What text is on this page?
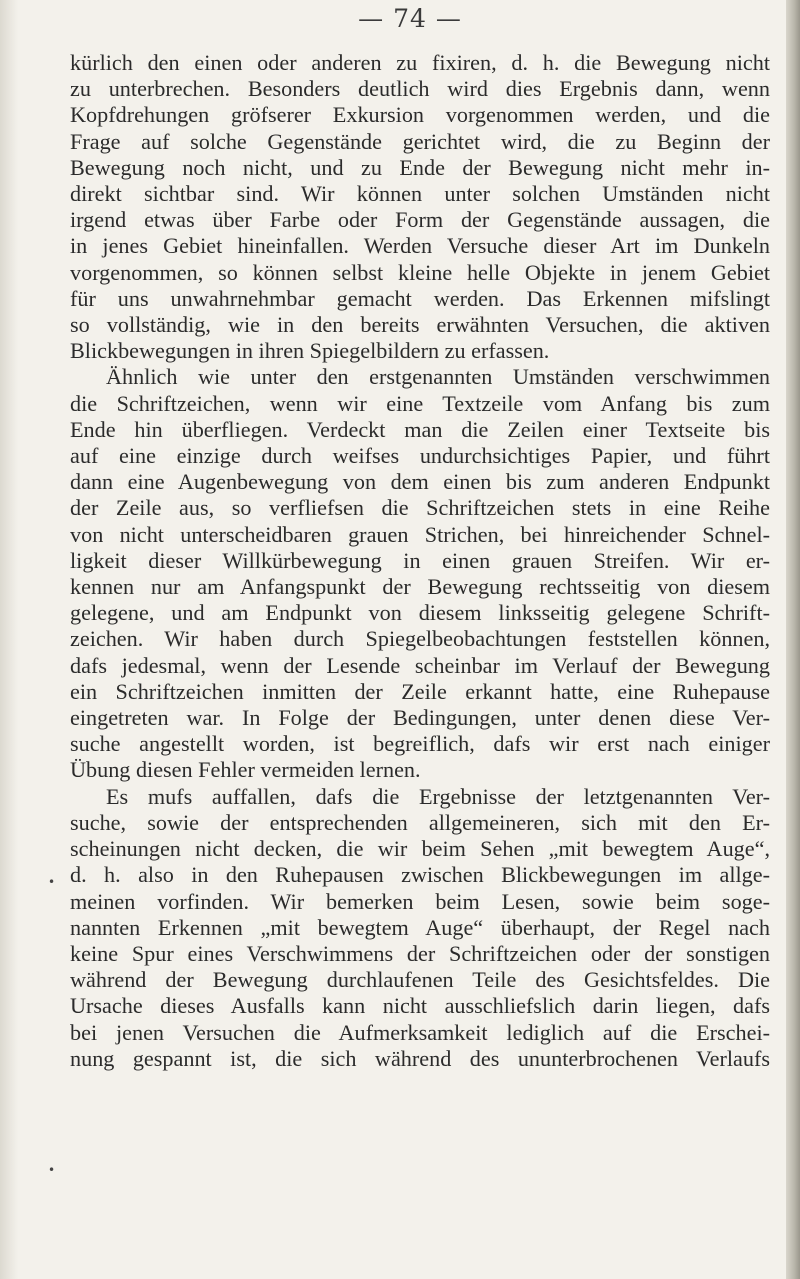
— 74 —
kürlich den einen oder anderen zu fixiren, d. h. die Bewegung nicht
zu unterbrechen. Besonders deutlich wird dies Ergebnis dann, wenn
Kopfdrehungen gröfserer Exkursion vorgenommen werden, und die
Frage auf solche Gegenstände gerichtet wird, die zu Beginn der
Bewegung noch nicht, und zu Ende der Bewegung nicht mehr in-
direkt sichtbar sind. Wir können unter solchen Umständen nicht
irgend etwas über Farbe oder Form der Gegenstände aussagen, die
in jenes Gebiet hineinfallen. Werden Versuche dieser Art im Dunkeln
vorgenommen, so können selbst kleine helle Objekte in jenem Gebiet
für uns unwahrnehmbar gemacht werden. Das Erkennen mifslingt
so vollständig, wie in den bereits erwähnten Versuchen, die aktiven
Blickbewegungen in ihren Spiegelbildern zu erfassen.
Ähnlich wie unter den erstgenannten Umständen verschwimmen
die Schriftzeichen, wenn wir eine Textzeile vom Anfang bis zum
Ende hin überfliegen. Verdeckt man die Zeilen einer Textseite bis
auf eine einzige durch weifses undurchsichtiges Papier, und führt
dann eine Augenbewegung von dem einen bis zum anderen Endpunkt
der Zeile aus, so verfliefsen die Schriftzeichen stets in eine Reihe
von nicht unterscheidbaren grauen Strichen, bei hinreichender Schnel-
ligkeit dieser Willkürbewegung in einen grauen Streifen. Wir er-
kennen nur am Anfangspunkt der Bewegung rechtsseitig von diesem
gelegene, und am Endpunkt von diesem linksseitig gelegene Schrift-
zeichen. Wir haben durch Spiegelbeobachtungen feststellen können,
dafs jedesmal, wenn der Lesende scheinbar im Verlauf der Bewegung
ein Schriftzeichen inmitten der Zeile erkannt hatte, eine Ruhepause
eingetreten war. In Folge der Bedingungen, unter denen diese Ver-
suche angestellt worden, ist begreiflich, dafs wir erst nach einiger
Übung diesen Fehler vermeiden lernen.
Es mufs auffallen, dafs die Ergebnisse der letztgenannten Ver-
suche, sowie der entsprechenden allgemeineren, sich mit den Er-
scheinungen nicht decken, die wir beim Sehen „mit bewegtem Auge“,
d. h. also in den Ruhepausen zwischen Blickbewegungen im allge-
meinen vorfinden. Wir bemerken beim Lesen, sowie beim soge-
nannten Erkennen „mit bewegtem Auge“ überhaupt, der Regel nach
keine Spur eines Verschwimmens der Schriftzeichen oder der sonstigen
während der Bewegung durchlaufenen Teile des Gesichtsfeldes. Die
Ursache dieses Ausfalls kann nicht ausschliefslich darin liegen, dafs
bei jenen Versuchen die Aufmerksamkeit lediglich auf die Erschei-
nung gespannt ist, die sich während des ununterbrochenen Verlaufs
•
•
